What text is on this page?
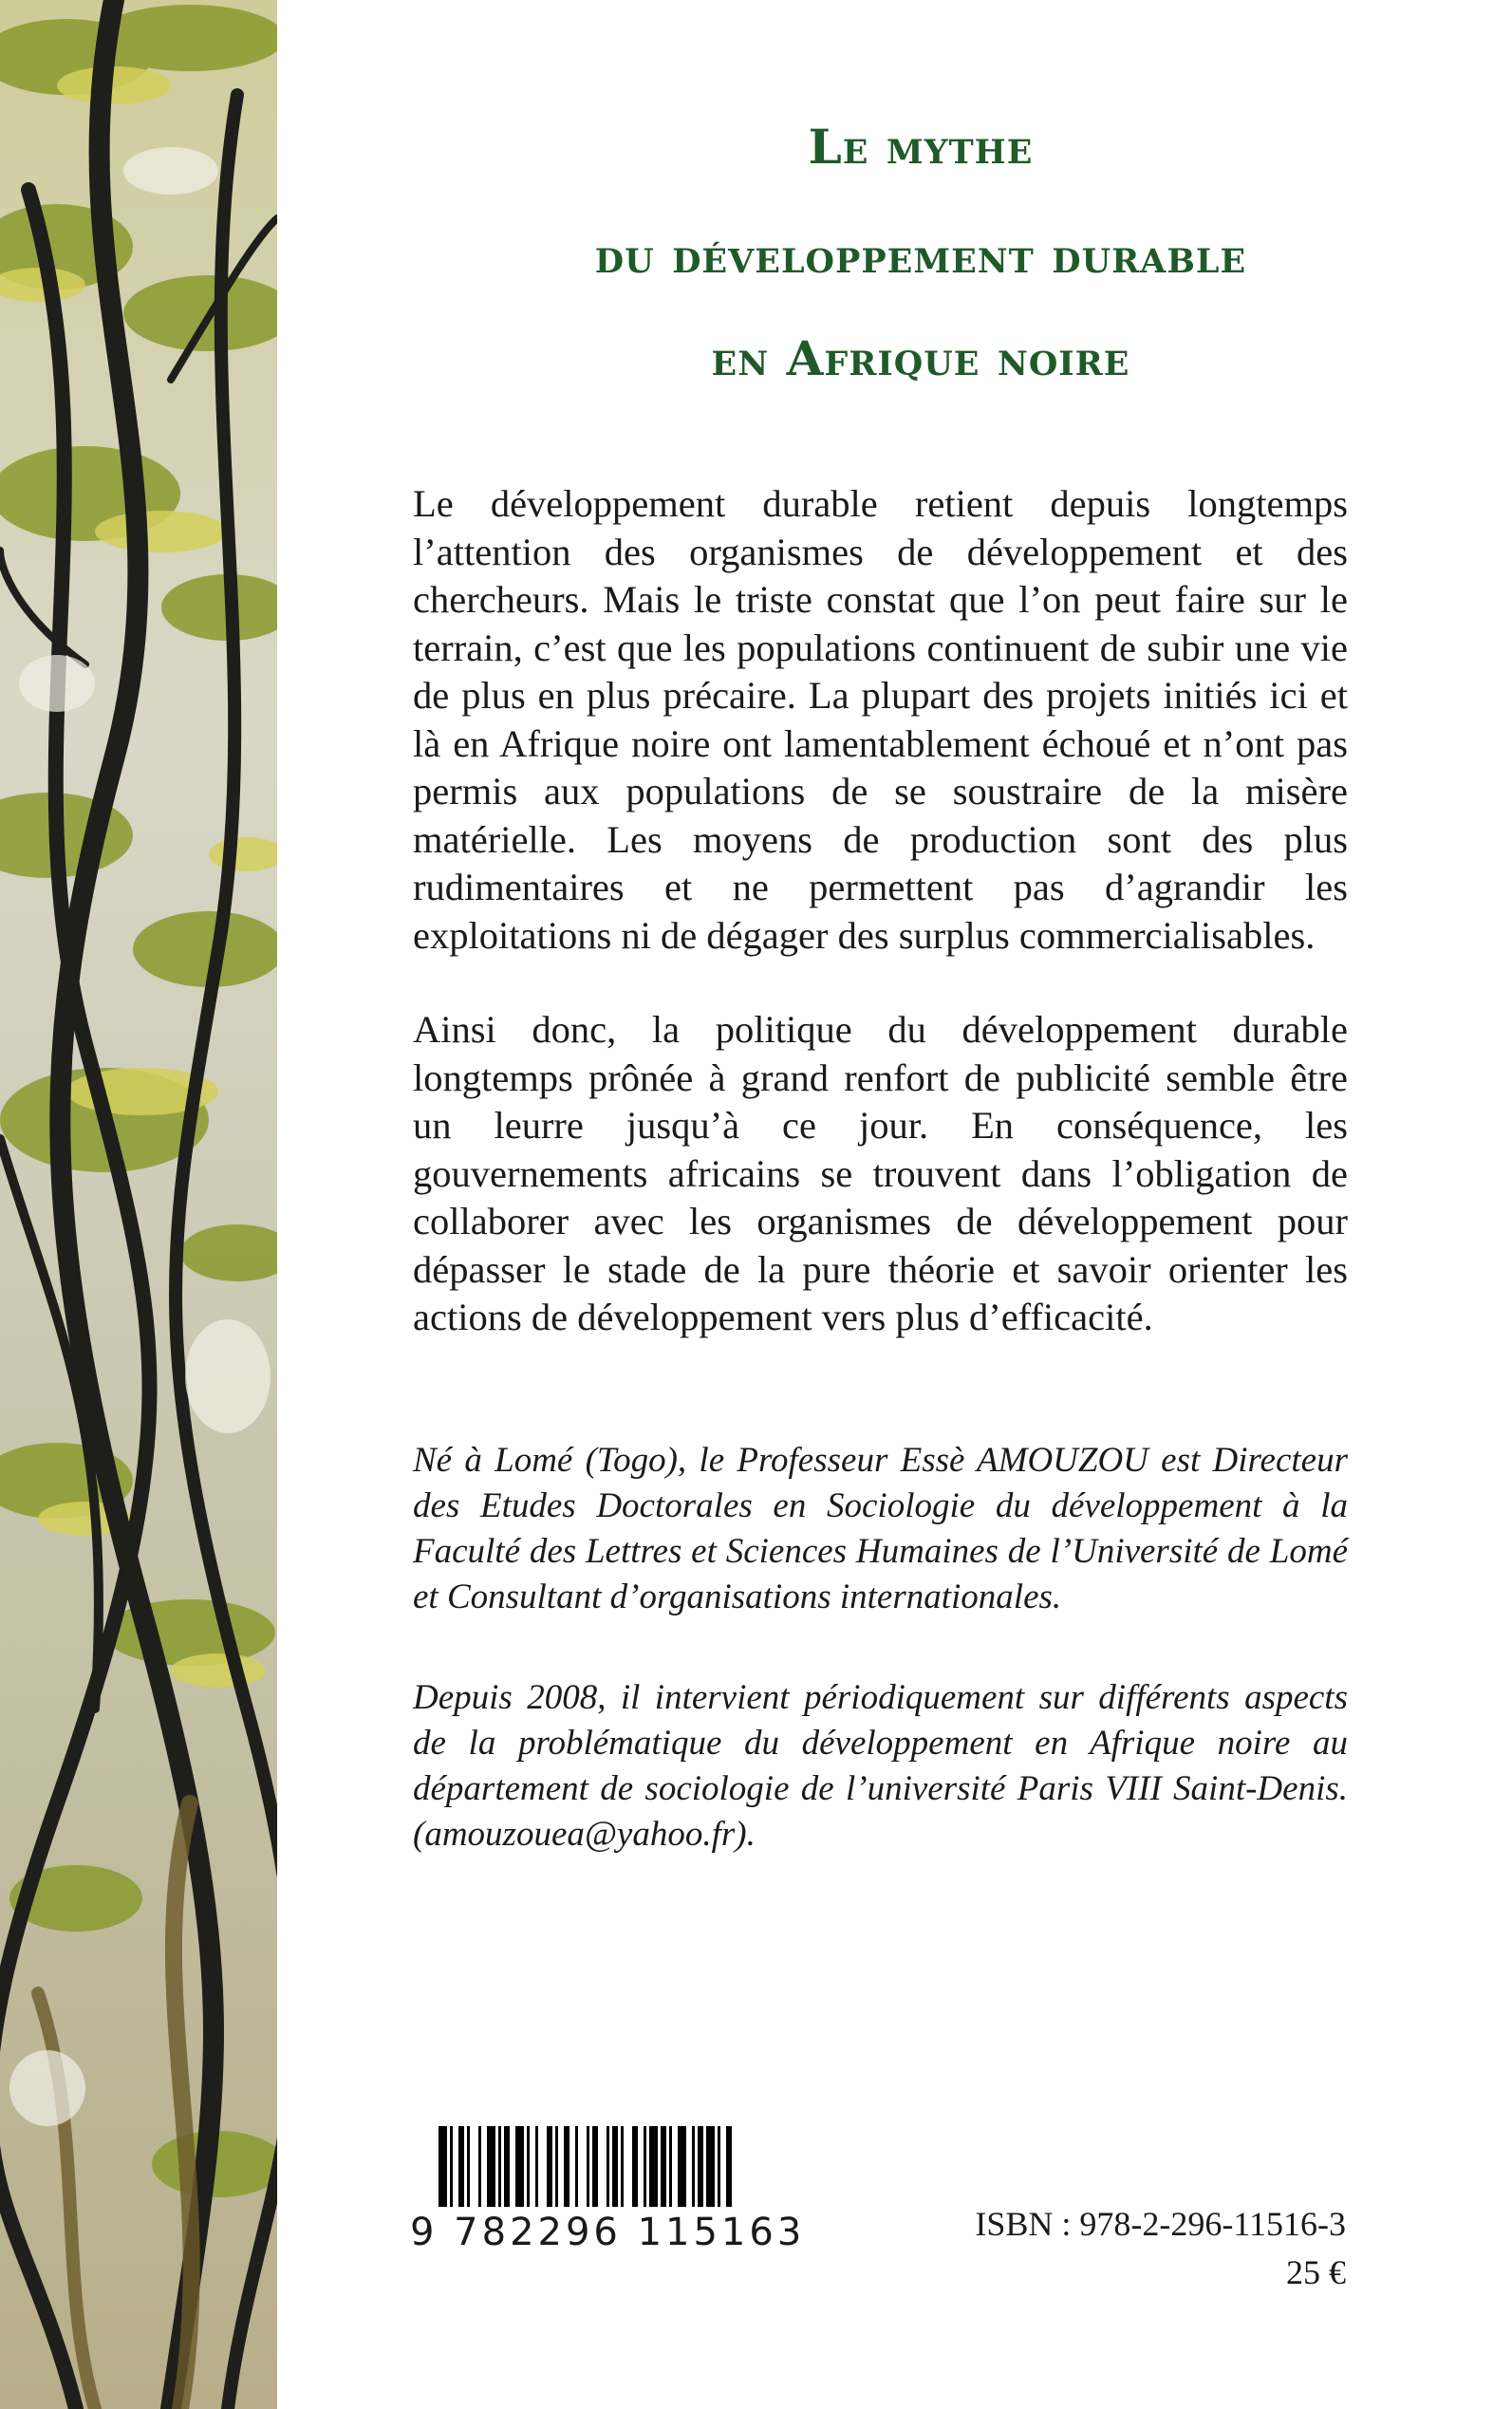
Le mythe
du développement durable
en Afrique noire

Le développement durable retient depuis longtemps l’attention des organismes de développement et des chercheurs. Mais le triste constat que l’on peut faire sur le terrain, c’est que les populations continuent de subir une vie de plus en plus précaire. La plupart des projets initiés ici et là en Afrique noire ont lamentablement échoué et n’ont pas permis aux populations de se soustraire de la misère matérielle. Les moyens de production sont des plus rudimentaires et ne permettent pas d’agrandir les exploitations ni de dégager des surplus commercialisables.

Ainsi donc, la politique du développement durable longtemps prônée à grand renfort de publicité semble être un leurre jusqu’à ce jour. En conséquence, les gouvernements africains se trouvent dans l’obligation de collaborer avec les organismes de développement pour dépasser le stade de la pure théorie et savoir orienter les actions de développement vers plus d’efficacité.

Né à Lomé (Togo), le Professeur Essè AMOUZOU est Directeur des Etudes Doctorales en Sociologie du développement à la Faculté des Lettres et Sciences Humaines de l’Université de Lomé et Consultant d’organisations internationales.

Depuis 2008, il intervient périodiquement sur différents aspects de la problématique du développement en Afrique noire au département de sociologie de l’université Paris VIII Saint-Denis. (amouzouea@yahoo.fr).

9 782296 115163	ISBN : 978-2-296-11516-3
25 €
